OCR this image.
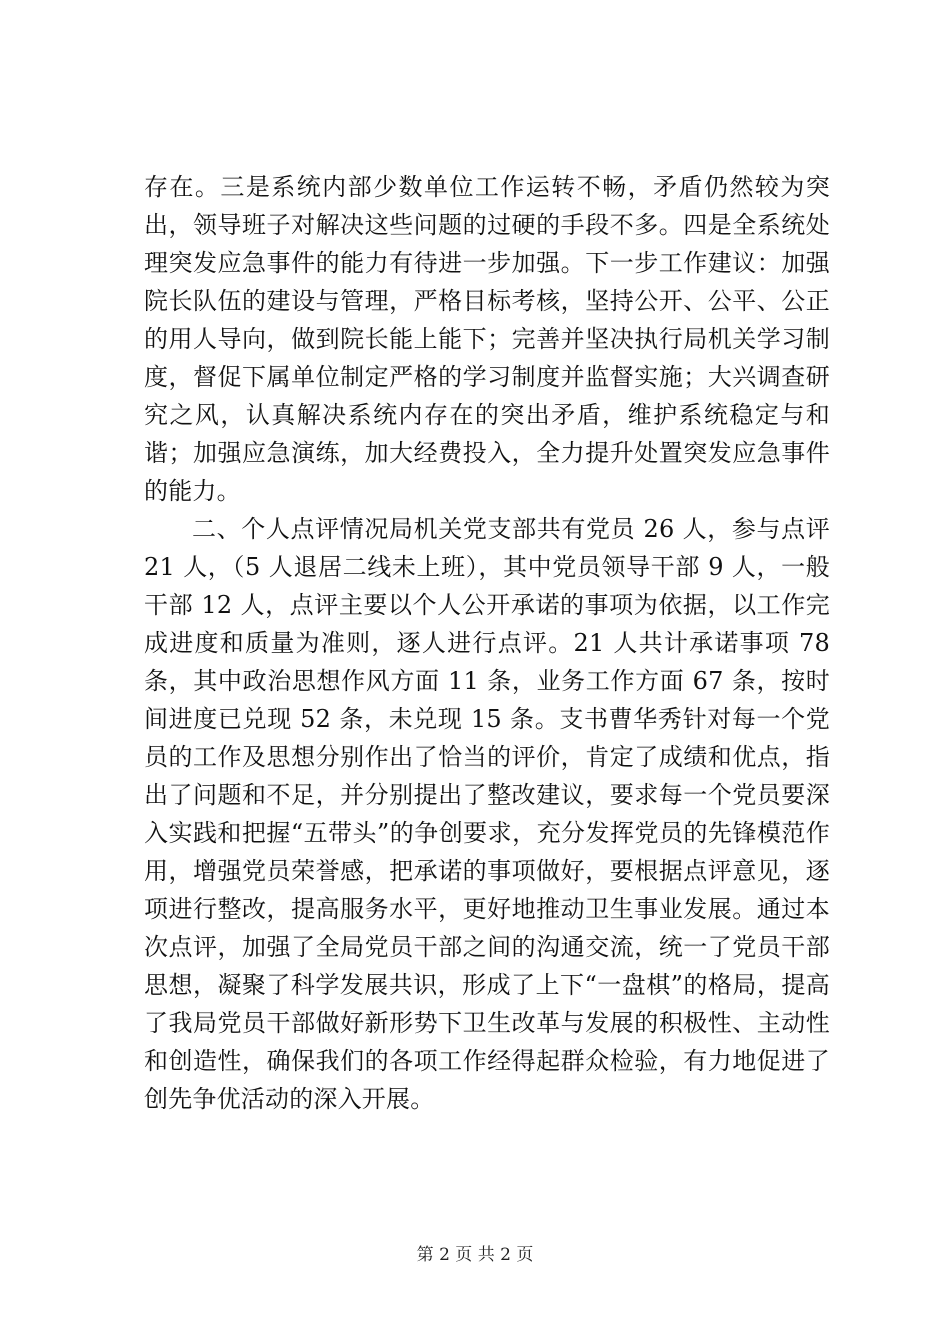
存在。三是系统内部少数单位工作运转不畅，矛盾仍然较为突出，领导班子对解决这些问题的过硬的手段不多。四是全系统处理突发应急事件的能力有待进一步加强。下一步工作建议：加强院长队伍的建设与管理，严格目标考核，坚持公开、公平、公正的用人导向，做到院长能上能下；完善并坚决执行局机关学习制度，督促下属单位制定严格的学习制度并监督实施；大兴调查研究之风，认真解决系统内存在的突出矛盾，维护系统稳定与和谐；加强应急演练，加大经费投入，全力提升处置突发应急事件的能力。

二、个人点评情况局机关党支部共有党员 26 人，参与点评 21 人，（5 人退居二线未上班），其中党员领导干部 9 人，一般干部 12 人，点评主要以个人公开承诺的事项为依据，以工作完成进度和质量为准则，逐人进行点评。21 人共计承诺事项 78 条，其中政治思想作风方面 11 条，业务工作方面 67 条，按时间进度已兑现 52 条，未兑现 15 条。支书曹华秀针对每一个党员的工作及思想分别作出了恰当的评价，肯定了成绩和优点，指出了问题和不足，并分别提出了整改建议，要求每一个党员要深入实践和把握“五带头”的争创要求，充分发挥党员的先锋模范作用，增强党员荣誉感，把承诺的事项做好，要根据点评意见，逐项进行整改，提高服务水平，更好地推动卫生事业发展。通过本次点评，加强了全局党员干部之间的沟通交流，统一了党员干部思想，凝聚了科学发展共识，形成了上下“一盘棋”的格局，提高了我局党员干部做好新形势下卫生改革与发展的积极性、主动性和创造性，确保我们的各项工作经得起群众检验，有力地促进了创先争优活动的深入开展。

第 2 页 共 2 页
